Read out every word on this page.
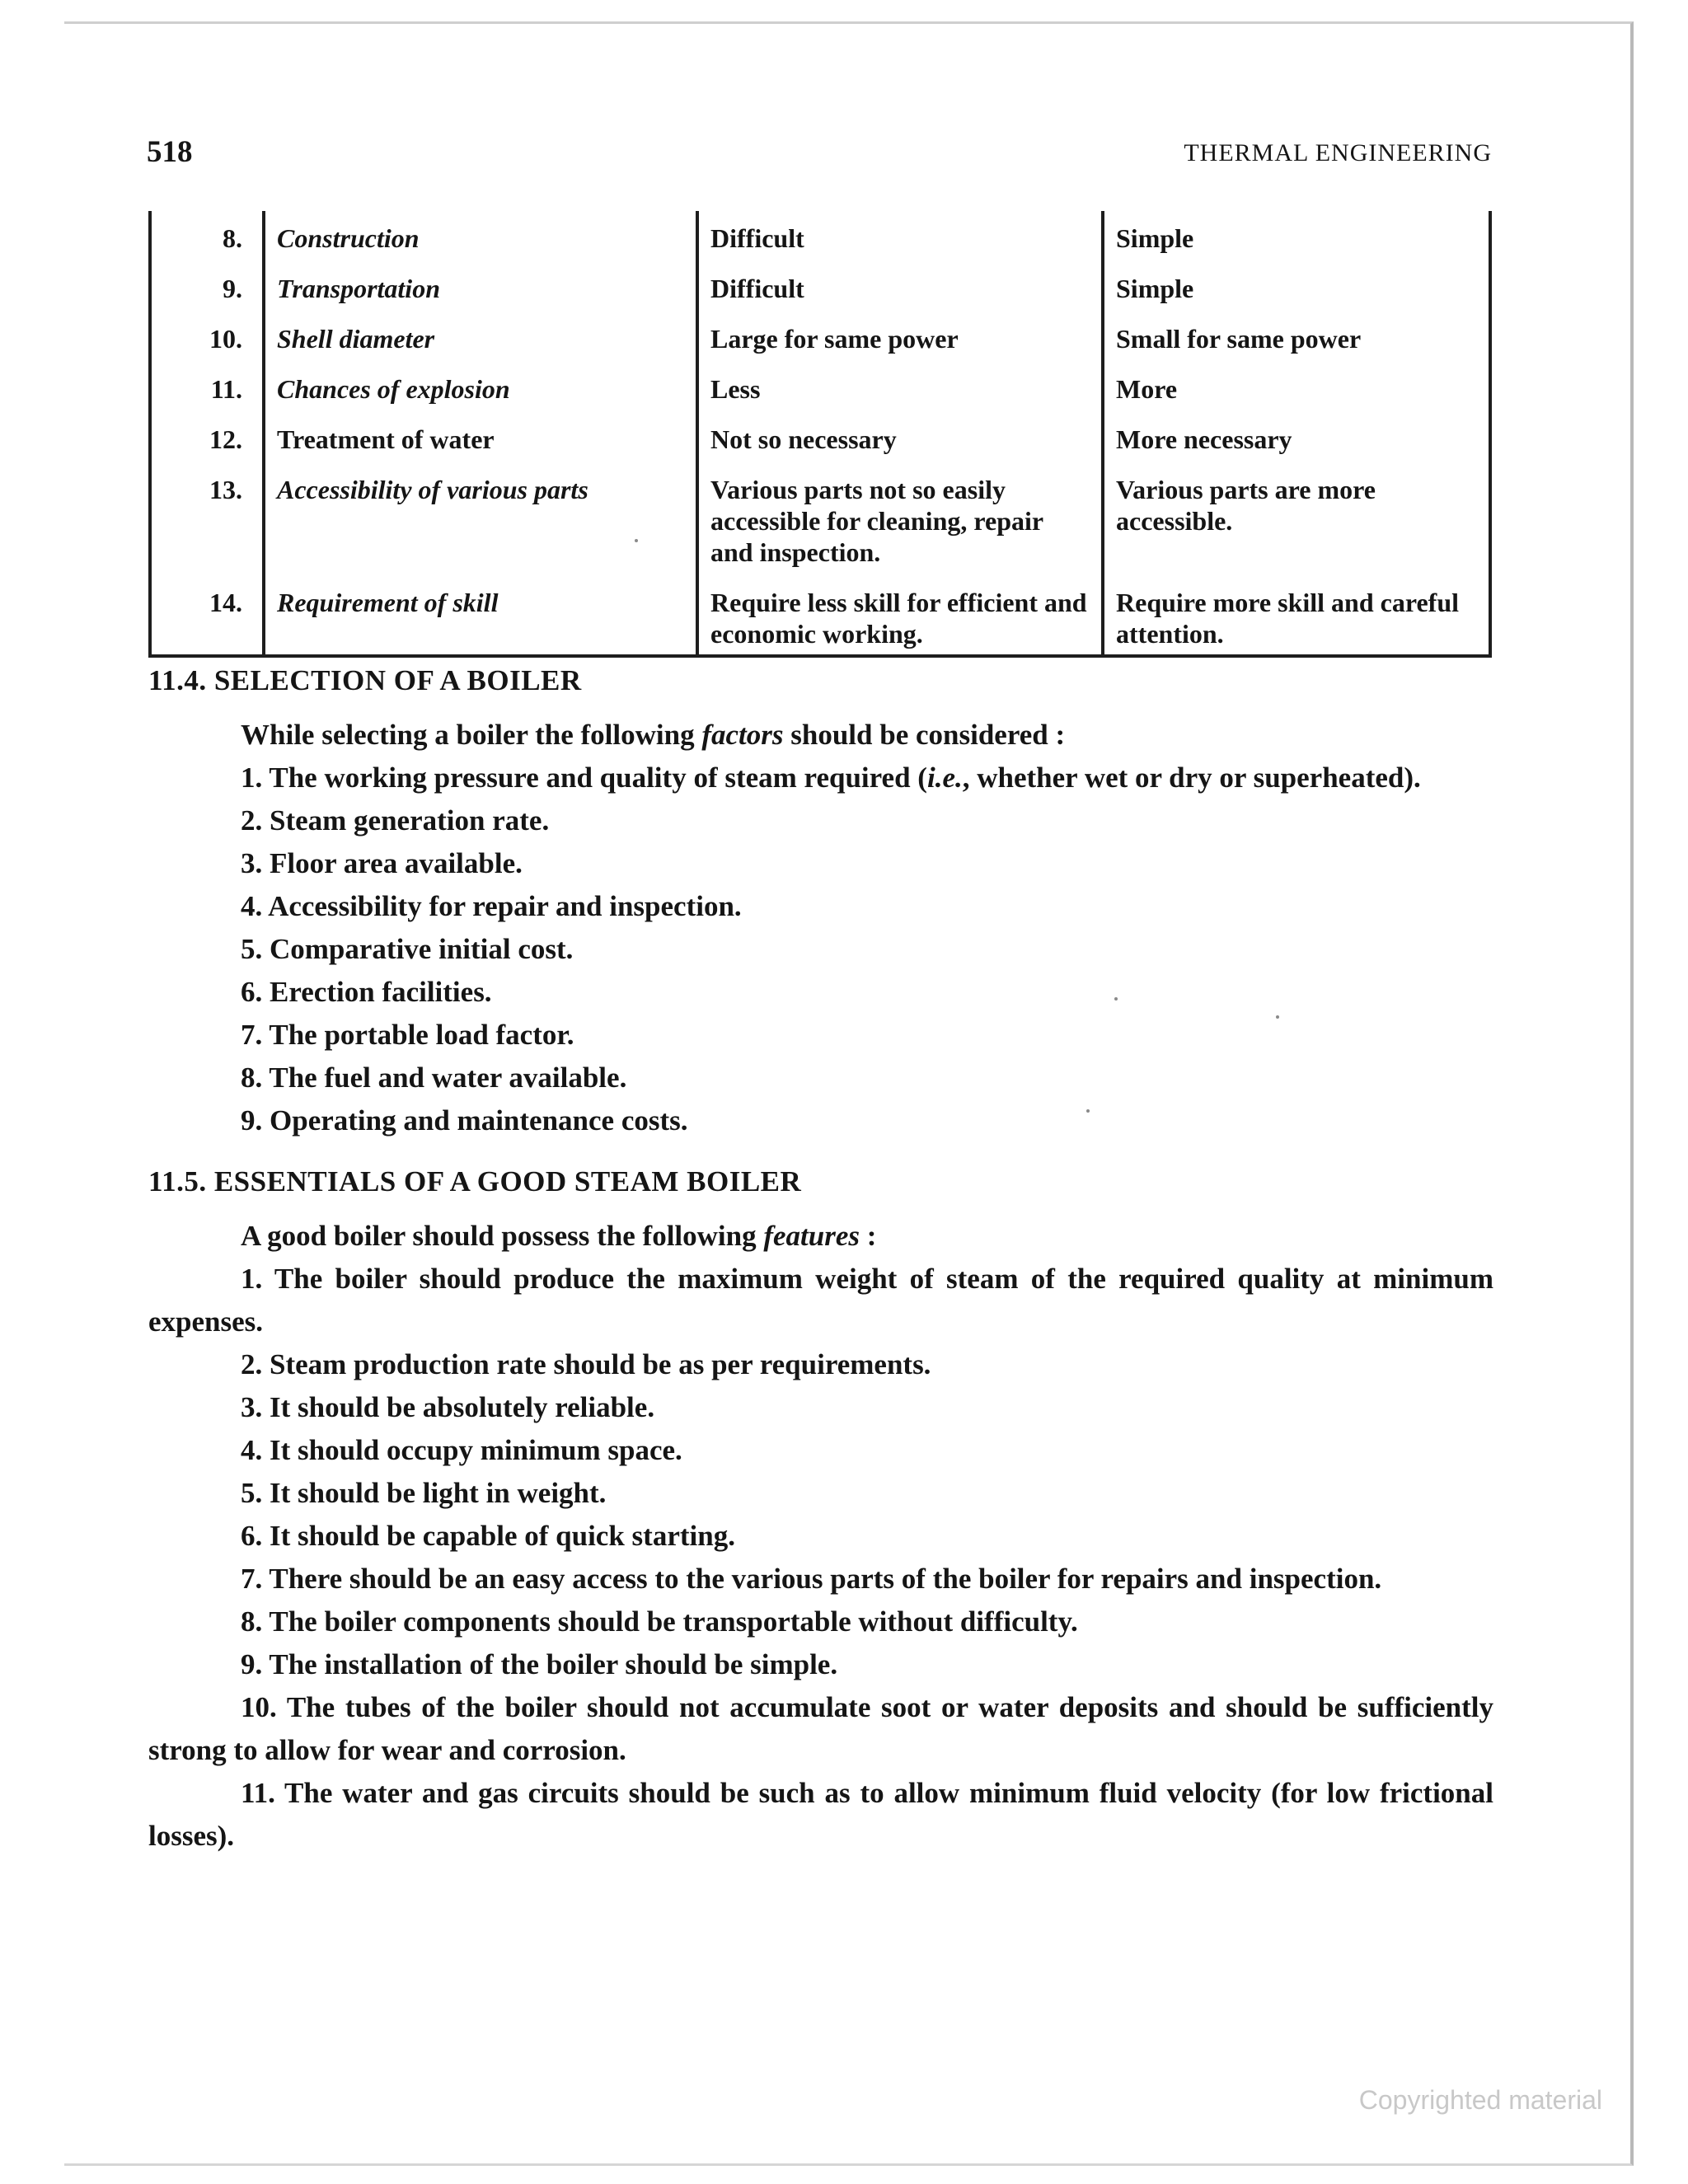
518	THERMAL ENGINEERING
8.	Construction	Difficult	Simple
9.	Transportation	Difficult	Simple
10.	Shell diameter	Large for same power	Small for same power
11.	Chances of explosion	Less	More
12.	Treatment of water	Not so necessary	More necessary
13.	Accessibility of various parts	Various parts not so easily accessible for cleaning, repair and inspection.	Various parts are more accessible.
14.	Requirement of skill	Require less skill for efficient and economic working.	Require more skill and careful attention.
11.4. SELECTION OF A BOILER

While selecting a boiler the following factors should be considered :

1. The working pressure and quality of steam required (i.e., whether wet or dry or superheated).

2. Steam generation rate.

3. Floor area available.

4. Accessibility for repair and inspection.

5. Comparative initial cost.

6. Erection facilities.

7. The portable load factor.

8. The fuel and water available.

9. Operating and maintenance costs.

11.5. ESSENTIALS OF A GOOD STEAM BOILER

A good boiler should possess the following features :

1. The boiler should produce the maximum weight of steam of the required quality at minimum expenses.

2. Steam production rate should be as per requirements.

3. It should be absolutely reliable.

4. It should occupy minimum space.

5. It should be light in weight.

6. It should be capable of quick starting.

7. There should be an easy access to the various parts of the boiler for repairs and inspection.

8. The boiler components should be transportable without difficulty.

9. The installation of the boiler should be simple.

10. The tubes of the boiler should not accumulate soot or water deposits and should be sufficiently strong to allow for wear and corrosion.

11. The water and gas circuits should be such as to allow minimum fluid velocity (for low frictional losses).

Copyrighted material
